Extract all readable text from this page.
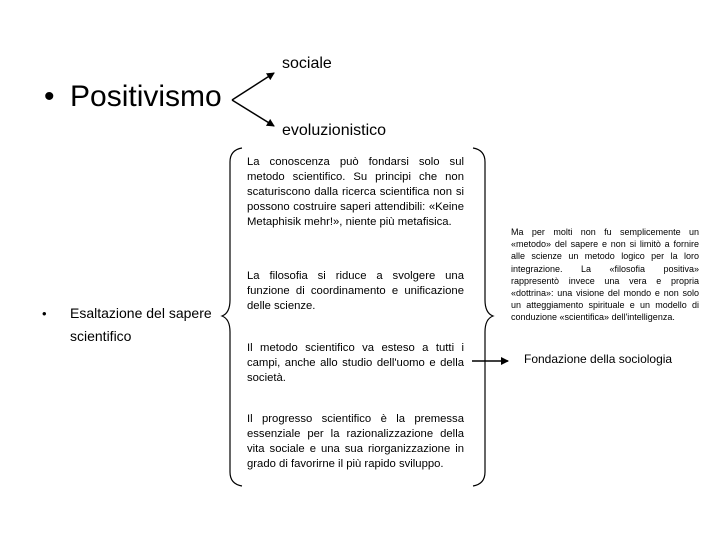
• Positivismo
sociale
evoluzionistico
• Esaltazione del sapere scientifico
La conoscenza può fondarsi solo sul metodo scientifico. Su principi che non scaturiscono dalla ricerca scientifica non si possono costruire saperi attendibili: «Keine Metaphisik mehr!», niente più metafisica.
La filosofia si riduce a svolgere una funzione di coordinamento e unificazione delle scienze.
Il metodo scientifico va esteso a tutti i campi, anche allo studio dell'uomo e della società.
Il progresso scientifico è la premessa essenziale per la razionalizzazione della vita sociale e una sua riorganizzazione in grado di favorirne il più rapido sviluppo.
Ma per molti non fu semplicemente un «metodo» del sapere e non si limitò a fornire alle scienze un metodo logico per la loro integrazione. La «filosofia positiva» rappresentò invece una vera e propria «dottrina»: una visione del mondo e non solo un atteggiamento spirituale e un modello di conduzione «scientifica» dell'intelligenza.
Fondazione della sociologia
